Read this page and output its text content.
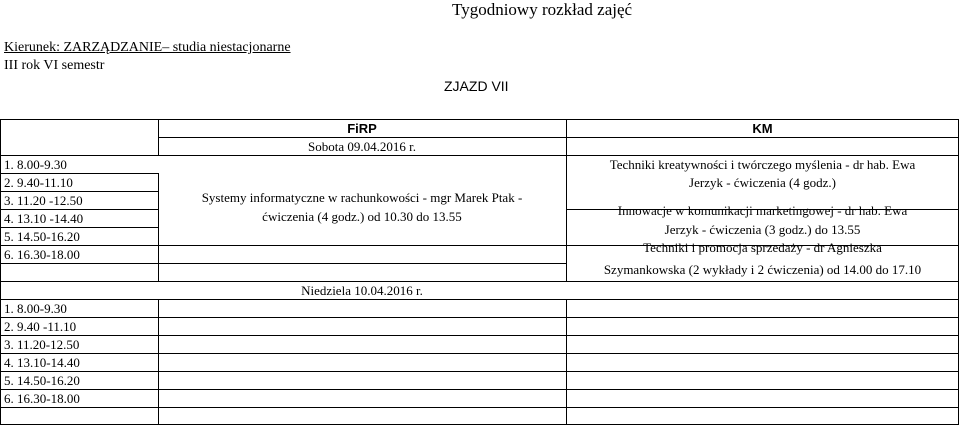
Tygodniowy rozkład zajęć
Kierunek: ZARZĄDZANIE– studia niestacjonarne
III rok VI semestr
ZJAZD VII
FiRP	KM
Sobota 09.04.2016 r.
1. 8.00-9.30
2. 9.40-11.10
3. 11.20 -12.50
4. 13.10 -14.40
5. 14.50-16.20
6. 16.30-18.00
Systemy informatyczne w rachunkowości - mgr Marek Ptak -
ćwiczenia (4 godz.) od 10.30 do 13.55
Techniki kreatywności i twórczego myślenia - dr hab. Ewa
Jerzyk - ćwiczenia (4 godz.)
Innowacje w komunikacji marketingowej - dr hab. Ewa
Jerzyk - ćwiczenia (3 godz.) do 13.55
Techniki i promocja sprzedaży - dr Agnieszka
Szymankowska (2 wykłady i 2 ćwiczenia) od 14.00 do 17.10
Niedziela 10.04.2016 r.
1. 8.00-9.30
2. 9.40 -11.10
3. 11.20-12.50
4. 13.10-14.40
5. 14.50-16.20
6. 16.30-18.00
